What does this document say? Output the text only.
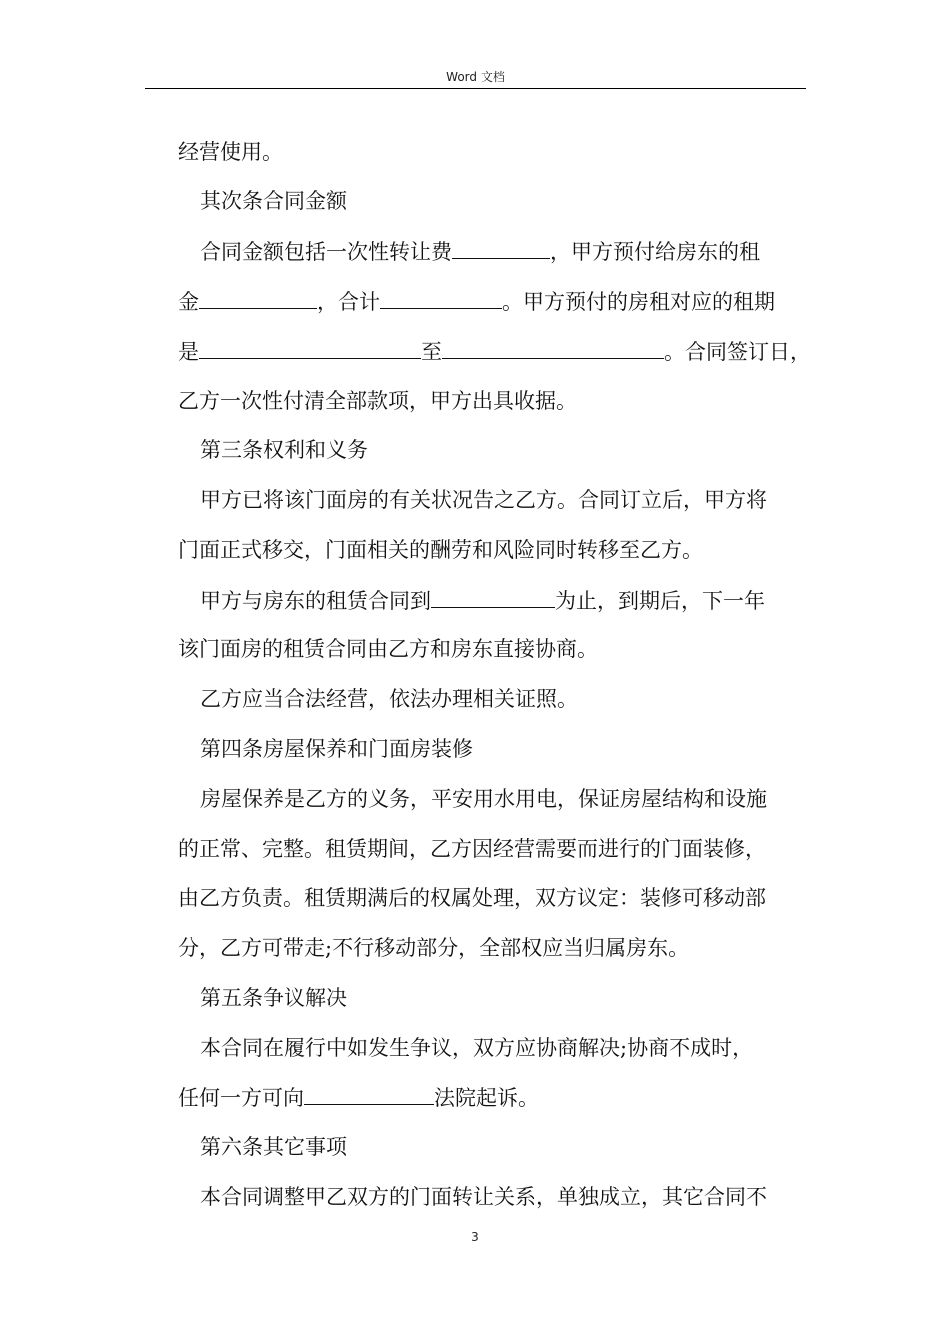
Word 文档
经营使用。
其次条合同金额
合同金额包括一次性转让费	，甲方预付给房东的租
金	，合计	。甲方预付的房租对应的租期
是	至	。合同签订日，
乙方一次性付清全部款项，甲方出具收据。
第三条权利和义务
甲方已将该门面房的有关状况告之乙方。合同订立后，甲方将
门面正式移交，门面相关的酬劳和风险同时转移至乙方。
甲方与房东的租赁合同到	为止，到期后，下一年
该门面房的租赁合同由乙方和房东直接协商。
乙方应当合法经营，依法办理相关证照。
第四条房屋保养和门面房装修
房屋保养是乙方的义务，平安用水用电，保证房屋结构和设施
的正常、完整。租赁期间，乙方因经营需要而进行的门面装修，
由乙方负责。租赁期满后的权属处理，双方议定：装修可移动部
分，乙方可带走;不行移动部分，全部权应当归属房东。
第五条争议解决
本合同在履行中如发生争议，双方应协商解决;协商不成时，
任何一方可向	法院起诉。
第六条其它事项
本合同调整甲乙双方的门面转让关系，单独成立，其它合同不
3
